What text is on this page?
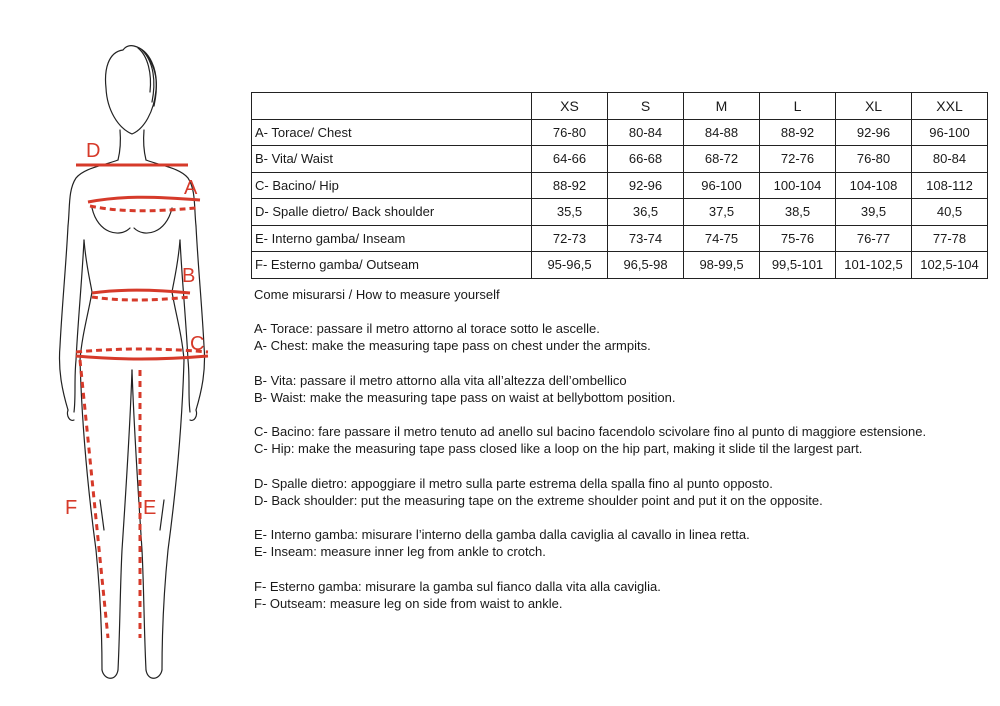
D
A
B
C
F	E
	XS	S	M	L	XL	XXL
A- Torace/ Chest	76-80	80-84	84-88	88-92	92-96	96-100
B- Vita/ Waist	64-66	66-68	68-72	72-76	76-80	80-84
C- Bacino/ Hip	88-92	92-96	96-100	100-104	104-108	108-112
D- Spalle dietro/ Back shoulder	35,5	36,5	37,5	38,5	39,5	40,5
E- Interno gamba/ Inseam	72-73	73-74	74-75	75-76	76-77	77-78
F- Esterno gamba/ Outseam	95-96,5	96,5-98	98-99,5	99,5-101	101-102,5	102,5-104
Come misurarsi / How to measure yourself
A- Torace: passare il metro attorno al torace sotto le ascelle.
A- Chest: make the measuring tape pass on chest under the armpits.
B- Vita: passare il metro attorno alla vita all’altezza dell’ombellico
B- Waist: make the measuring tape pass on waist at bellybottom position.
C- Bacino: fare passare il metro tenuto ad anello sul bacino facendolo scivolare fino al punto di maggiore estensione.
C- Hip: make the measuring tape pass closed like a loop on the hip part, making it slide til the largest part.
D- Spalle dietro: appoggiare il metro sulla parte estrema della spalla fino al punto opposto.
D- Back shoulder: put the measuring tape on the extreme shoulder point and put it on the opposite.
E- Interno gamba: misurare l’interno della gamba dalla caviglia al cavallo in linea retta.
E- Inseam: measure inner leg from ankle to crotch.
F- Esterno gamba: misurare la gamba sul fianco dalla vita alla caviglia.
F- Outseam: measure leg on side from waist to ankle.
